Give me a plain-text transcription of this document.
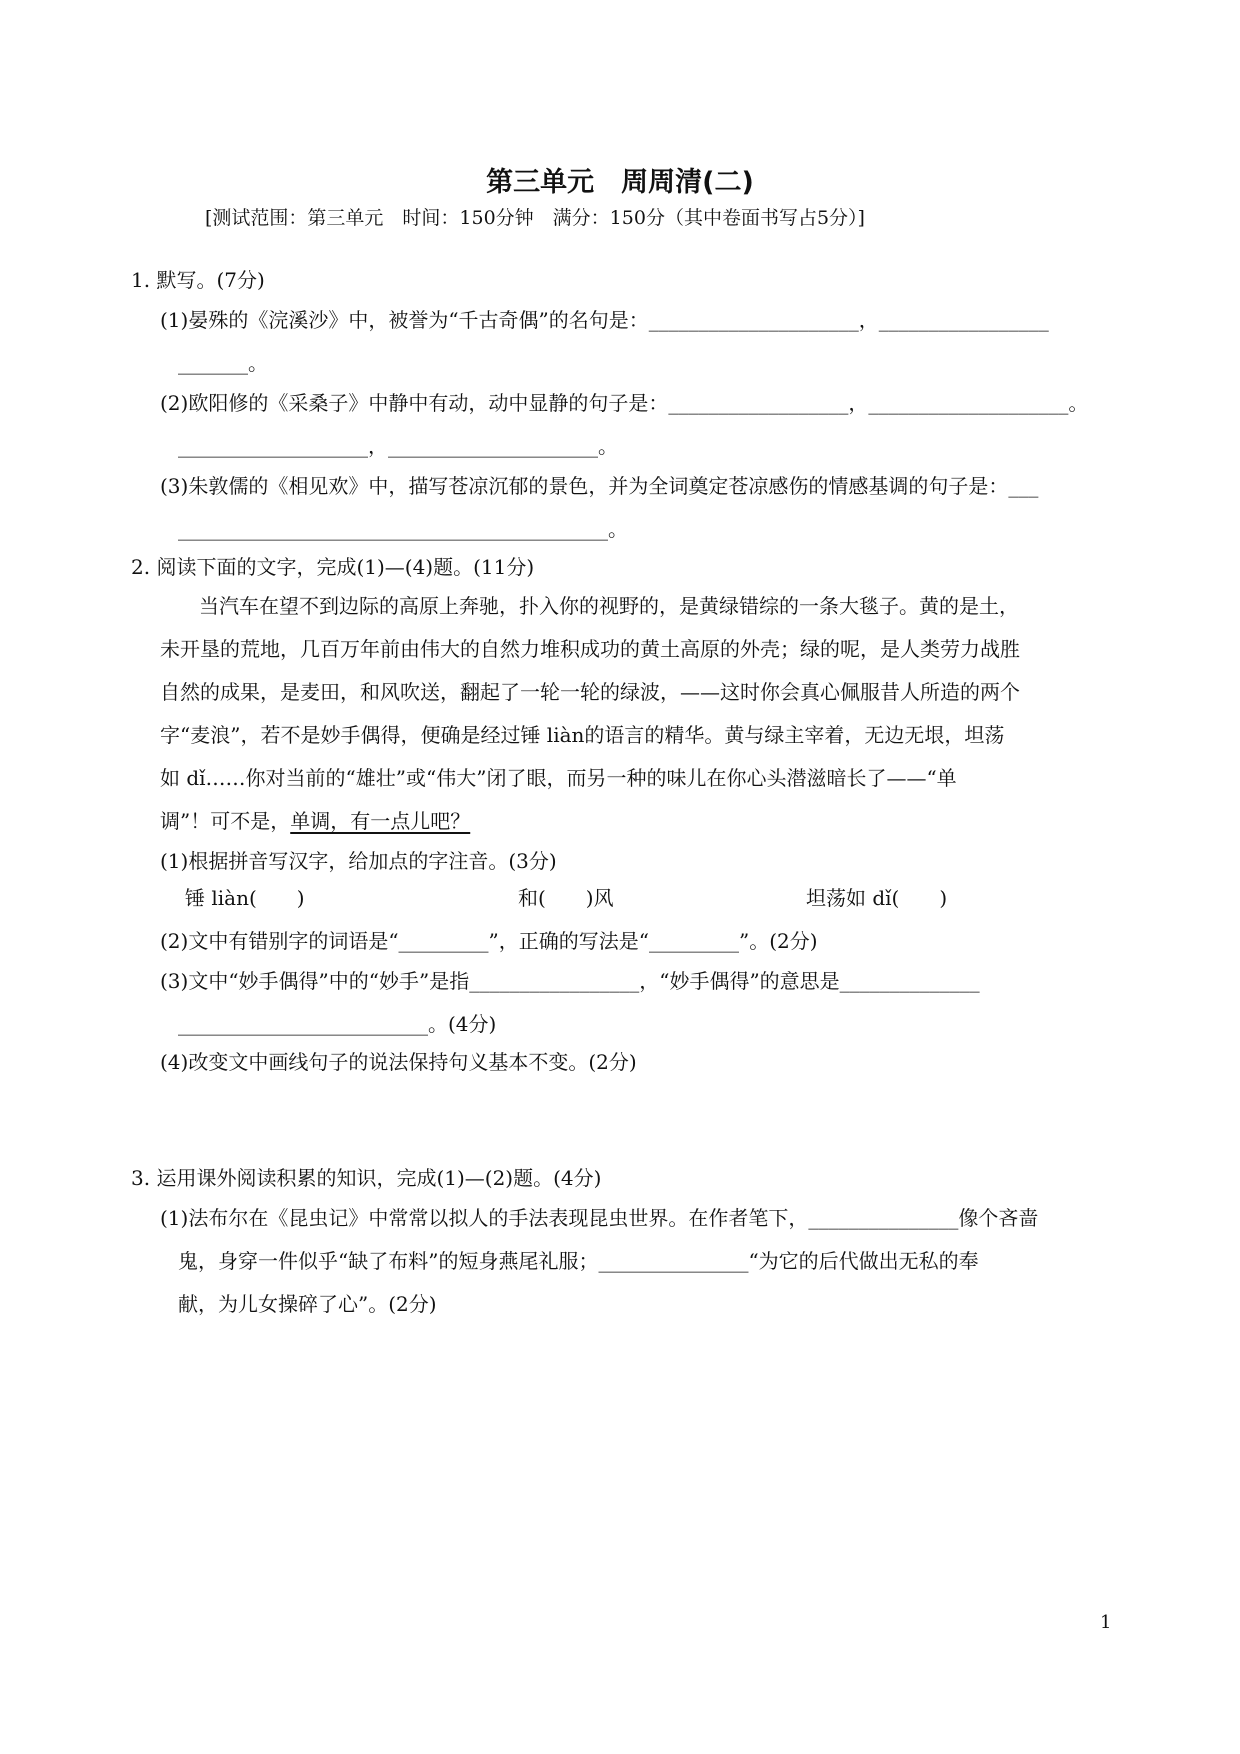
第三单元　周周清(二)
[测试范围：第三单元　时间：150分钟　满分：150分（其中卷面书写占5分）]
1. 默写。(7分)
(1)晏殊的《浣溪沙》中，被誉为“千古奇偶”的名句是：_____________________，_________________
_______。
(2)欧阳修的《采桑子》中静中有动，动中显静的句子是：__________________，____________________。
___________________，_____________________。
(3)朱敦儒的《相见欢》中，描写苍凉沉郁的景色，并为全词奠定苍凉感伤的情感基调的句子是：___
___________________________________________。
2. 阅读下面的文字，完成(1)—(4)题。(11分)
当汽车在望不到边际的高原上奔驰，扑入你的视野的，是黄绿错综的一条大毯子。黄的是土，
未开垦的荒地，几百万年前由伟大的自然力堆积成功的黄土高原的外壳；绿的呢，是人类劳力战胜
自然的成果，是麦田，和风吹送，翻起了一轮一轮的绿波，——这时你会真心佩服昔人所造的两个
字“麦浪”，若不是妙手偶得，便确是经过锤 liàn的语言的精华。黄与绿主宰着，无边无垠，坦荡
如 dǐ……你对当前的“雄壮”或“伟大”闭了眼，而另一种的味儿在你心头潜滋暗长了——“单
调”！可不是，单调，有一点儿吧？
(1)根据拼音写汉字，给加点的字注音。(3分)
锤 liàn(　　)	和(　　)风	坦荡如 dǐ(　　)
(2)文中有错别字的词语是“_________”，正确的写法是“_________”。(2分)
(3)文中“妙手偶得”中的“妙手”是指_________________，“妙手偶得”的意思是______________
_________________________。(4分)
(4)改变文中画线句子的说法保持句义基本不变。(2分)
3. 运用课外阅读积累的知识，完成(1)—(2)题。(4分)
(1)法布尔在《昆虫记》中常常以拟人的手法表现昆虫世界。在作者笔下，_______________像个吝啬
鬼，身穿一件似乎“缺了布料”的短身燕尾礼服；_______________“为它的后代做出无私的奉
献，为儿女操碎了心”。(2分)
1
